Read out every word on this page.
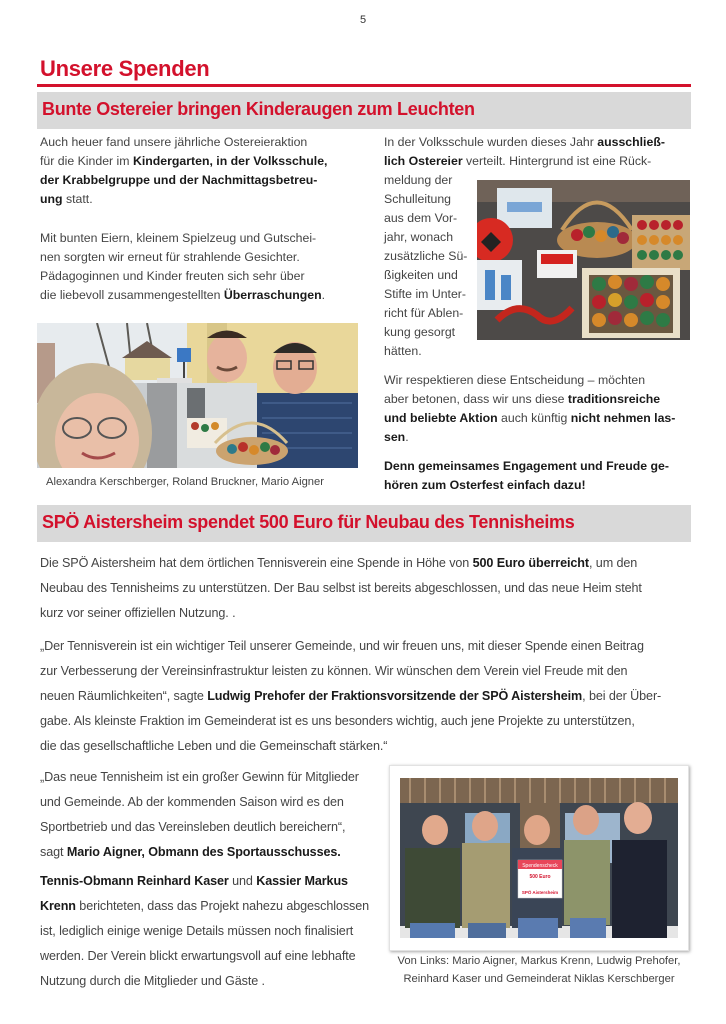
5
Unsere Spenden
Bunte Ostereier bringen Kinderaugen zum Leuchten
Auch heuer fand unsere jährliche Ostereieraktion
für die Kinder im Kindergarten, in der Volksschule,
der Krabbelgruppe und der Nachmittagsbetreu-
ung statt.
Mit bunten Eiern, kleinem Spielzeug und Gutschei-
nen sorgten wir erneut für strahlende Gesichter.
Pädagoginnen und Kinder freuten sich sehr über
die liebevoll zusammengestellten Überraschungen.
Alexandra Kerschberger, Roland Bruckner, Mario Aigner
In der Volksschule wurden dieses Jahr ausschließ-
lich Ostereier verteilt. Hintergrund ist eine Rück-
meldung der
Schulleitung
aus dem Vor-
jahr, wonach
zusätzliche Sü-
ßigkeiten und
Stifte im Unter-
richt für Ablen-
kung gesorgt
hätten.
Wir respektieren diese Entscheidung – möchten
aber betonen, dass wir uns diese traditionsreiche
und beliebte Aktion auch künftig nicht nehmen las-
sen.
Denn gemeinsames Engagement und Freude ge-
hören zum Osterfest einfach dazu!
SPÖ Aistersheim spendet 500 Euro für Neubau des Tennisheims
Die SPÖ Aistersheim hat dem örtlichen Tennisverein eine Spende in Höhe von 500 Euro überreicht, um den
Neubau des Tennisheims zu unterstützen. Der Bau selbst ist bereits abgeschlossen, und das neue Heim steht
kurz vor seiner offiziellen Nutzung. .
„Der Tennisverein ist ein wichtiger Teil unserer Gemeinde, und wir freuen uns, mit dieser Spende einen Beitrag
zur Verbesserung der Vereinsinfrastruktur leisten zu können. Wir wünschen dem Verein viel Freude mit den
neuen Räumlichkeiten“, sagte Ludwig Prehofer der Fraktionsvorsitzende der SPÖ Aistersheim, bei der Über-
gabe. Als kleinste Fraktion im Gemeinderat ist es uns besonders wichtig, auch jene Projekte zu unterstützen,
die das gesellschaftliche Leben und die Gemeinschaft stärken.“
„Das neue Tennisheim ist ein großer Gewinn für Mitglieder
und Gemeinde. Ab der kommenden Saison wird es den
Sportbetrieb und das Vereinsleben deutlich bereichern“,
sagt Mario Aigner, Obmann des Sportausschusses.
Tennis-Obmann Reinhard Kaser und Kassier Markus
Krenn berichteten, dass das Projekt nahezu abgeschlossen
ist, lediglich einige wenige Details müssen noch finalisiert
werden. Der Verein blickt erwartungsvoll auf eine lebhafte
Nutzung durch die Mitglieder und Gäste .
Spendenscheck
500 Euro
SPÖ Aistersheim
Von Links: Mario Aigner, Markus Krenn, Ludwig Prehofer,
Reinhard Kaser und Gemeinderat Niklas Kerschberger
